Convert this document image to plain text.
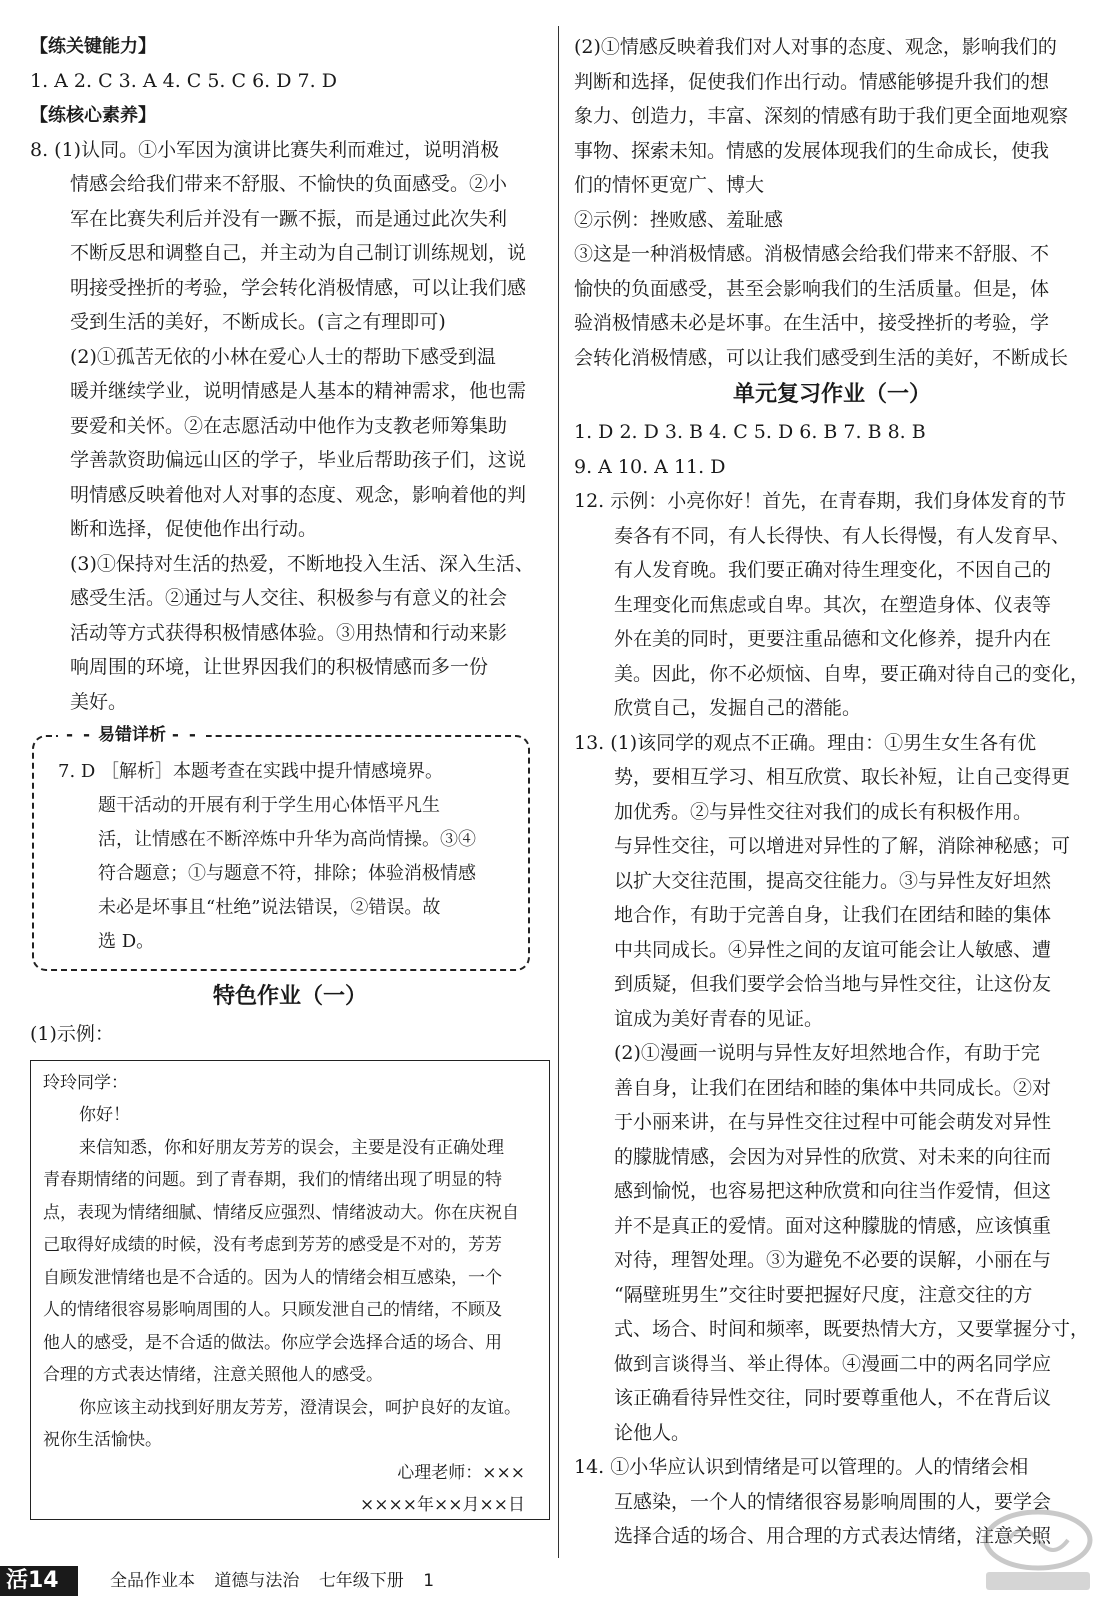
【练关键能力】
1. A 2. C 3. A 4. C 5. C 6. D 7. D
【练核心素养】
8. (1)认同。①小军因为演讲比赛失利而难过，说明消极
情感会给我们带来不舒服、不愉快的负面感受。②小
军在比赛失利后并没有一蹶不振，而是通过此次失利
不断反思和调整自己，并主动为自己制订训练规划，说
明接受挫折的考验，学会转化消极情感，可以让我们感
受到生活的美好，不断成长。(言之有理即可)
(2)①孤苦无依的小林在爱心人士的帮助下感受到温
暖并继续学业，说明情感是人基本的精神需求，他也需
要爱和关怀。②在志愿活动中他作为支教老师筹集助
学善款资助偏远山区的学子，毕业后帮助孩子们，这说
明情感反映着他对人对事的态度、观念，影响着他的判
断和选择，促使他作出行动。
(3)①保持对生活的热爱，不断地投入生活、深入生活、
感受生活。②通过与人交往、积极参与有意义的社会
活动等方式获得积极情感体验。③用热情和行动来影
响周围的环境，让世界因我们的积极情感而多一份
美好。
- - 易错详析 - -
7. D ［解析］本题考查在实践中提升情感境界。
题干活动的开展有利于学生用心体悟平凡生
活，让情感在不断淬炼中升华为高尚情操。③④
符合题意；①与题意不符，排除；体验消极情感
未必是坏事且“杜绝”说法错误，②错误。故
选 D。
特色作业（一）
(1)示例：
玲玲同学：
你好！
来信知悉，你和好朋友芳芳的误会，主要是没有正确处理
青春期情绪的问题。到了青春期，我们的情绪出现了明显的特
点，表现为情绪细腻、情绪反应强烈、情绪波动大。你在庆祝自
己取得好成绩的时候，没有考虑到芳芳的感受是不对的，芳芳
自顾发泄情绪也是不合适的。因为人的情绪会相互感染，一个
人的情绪很容易影响周围的人。只顾发泄自己的情绪，不顾及
他人的感受，是不合适的做法。你应学会选择合适的场合、用
合理的方式表达情绪，注意关照他人的感受。
你应该主动找到好朋友芳芳，澄清误会，呵护良好的友谊。
祝你生活愉快。
心理老师：×××
××××年××月××日
(2)①情感反映着我们对人对事的态度、观念，影响我们的
判断和选择，促使我们作出行动。情感能够提升我们的想
象力、创造力，丰富、深刻的情感有助于我们更全面地观察
事物、探索未知。情感的发展体现我们的生命成长，使我
们的情怀更宽广、博大
②示例：挫败感、羞耻感
③这是一种消极情感。消极情感会给我们带来不舒服、不
愉快的负面感受，甚至会影响我们的生活质量。但是，体
验消极情感未必是坏事。在生活中，接受挫折的考验，学
会转化消极情感，可以让我们感受到生活的美好，不断成长
单元复习作业（一）
1. D 2. D 3. B 4. C 5. D 6. B 7. B 8. B
9. A 10. A 11. D
12. 示例：小亮你好！首先，在青春期，我们身体发育的节
奏各有不同，有人长得快、有人长得慢，有人发育早、
有人发育晚。我们要正确对待生理变化，不因自己的
生理变化而焦虑或自卑。其次，在塑造身体、仪表等
外在美的同时，更要注重品德和文化修养，提升内在
美。因此，你不必烦恼、自卑，要正确对待自己的变化，
欣赏自己，发掘自己的潜能。
13. (1)该同学的观点不正确。理由：①男生女生各有优
势，要相互学习、相互欣赏、取长补短，让自己变得更
加优秀。②与异性交往对我们的成长有积极作用。
与异性交往，可以增进对异性的了解，消除神秘感；可
以扩大交往范围，提高交往能力。③与异性友好坦然
地合作，有助于完善自身，让我们在团结和睦的集体
中共同成长。④异性之间的友谊可能会让人敏感、遭
到质疑，但我们要学会恰当地与异性交往，让这份友
谊成为美好青春的见证。
(2)①漫画一说明与异性友好坦然地合作，有助于完
善自身，让我们在团结和睦的集体中共同成长。②对
于小丽来讲，在与异性交往过程中可能会萌发对异性
的朦胧情感，会因为对异性的欣赏、对未来的向往而
感到愉悦，也容易把这种欣赏和向往当作爱情，但这
并不是真正的爱情。面对这种朦胧的情感，应该慎重
对待，理智处理。③为避免不必要的误解，小丽在与
“隔壁班男生”交往时要把握好尺度，注意交往的方
式、场合、时间和频率，既要热情大方，又要掌握分寸，
做到言谈得当、举止得体。④漫画二中的两名同学应
该正确看待异性交往，同时要尊重他人，不在背后议
论他人。
14. ①小华应认识到情绪是可以管理的。人的情绪会相
互感染，一个人的情绪很容易影响周围的人，要学会
选择合适的场合、用合理的方式表达情绪，注意关照
活14	全品作业本 道德与法治 七年级下册 1
